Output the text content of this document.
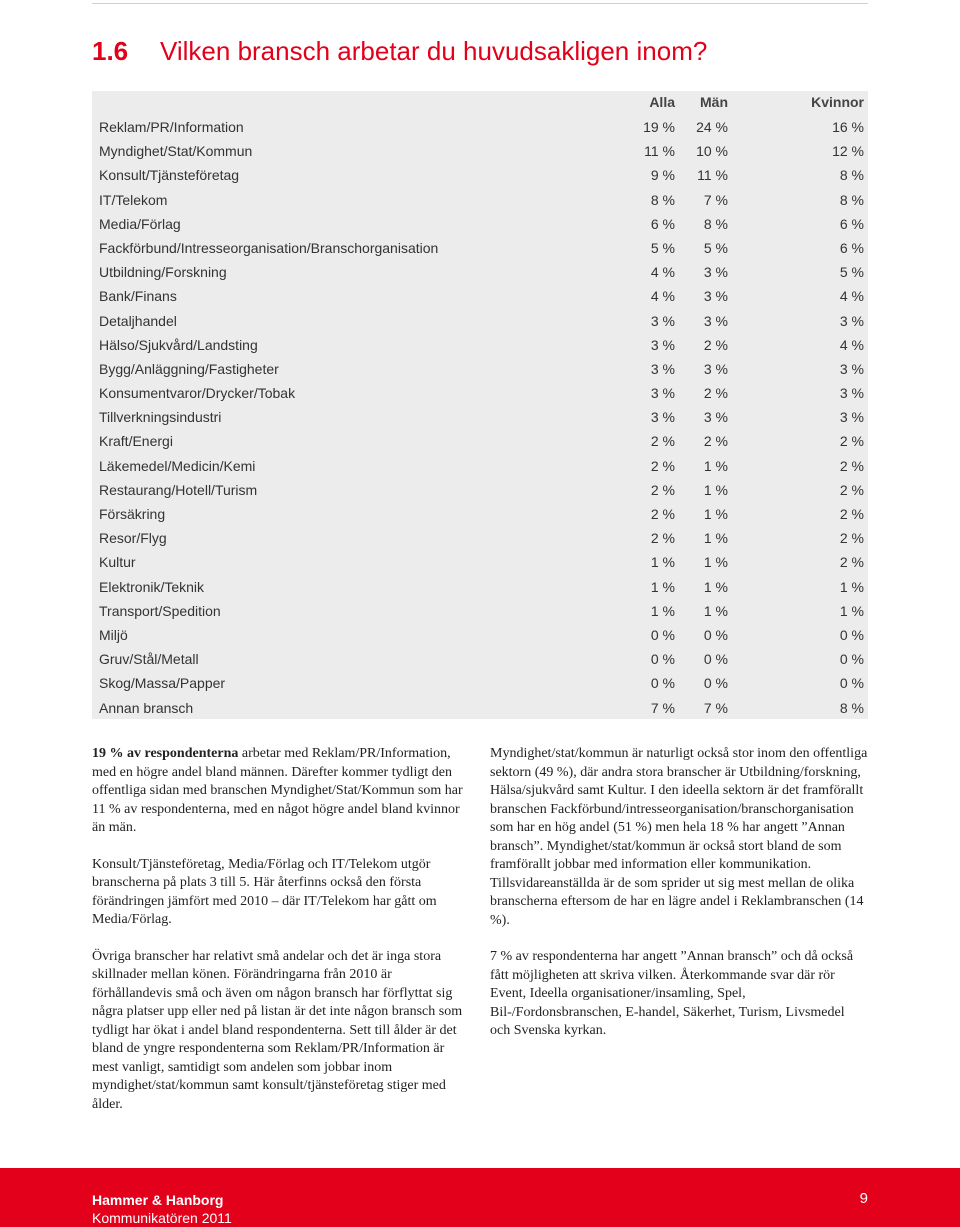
1.6 Vilken bransch arbetar du huvudsakligen inom?
Alla Män	Kvinnor
Reklam/PR/Information	19 % 24 %	16 %
Myndighet/Stat/Kommun	11 % 10 %	12 %
Konsult/Tjänsteföretag	9 % 11 %	8 %
IT/Telekom	8 % 7 %	8 %
Media/Förlag	6 % 8 %	6 %
Fackförbund/Intresseorganisation/Branschorganisation	5 % 5 %	6 %
Utbildning/Forskning	4 % 3 %	5 %
Bank/Finans	4 % 3 %	4 %
Detaljhandel	3 % 3 %	3 %
Hälso/Sjukvård/Landsting	3 % 2 %	4 %
Bygg/Anläggning/Fastigheter	3 % 3 %	3 %
Konsumentvaror/Drycker/Tobak	3 % 2 %	3 %
Tillverkningsindustri	3 % 3 %	3 %
Kraft/Energi	2 % 2 %	2 %
Läkemedel/Medicin/Kemi	2 % 1 %	2 %
Restaurang/Hotell/Turism	2 % 1 %	2 %
Försäkring	2 % 1 %	2 %
Resor/Flyg	2 % 1 %	2 %
Kultur	1 % 1 %	2 %
Elektronik/Teknik	1 % 1 %	1 %
Transport/Spedition	1 % 1 %	1 %
Miljö	0 % 0 %	0 %
Gruv/Stål/Metall	0 % 0 %	0 %
Skog/Massa/Papper	0 % 0 %	0 %
Annan bransch	7 % 7 %	8 %

19 % av respondenterna arbetar med Reklam/PR/Information, med en högre andel bland männen. Därefter kommer tydligt den offentliga sidan med branschen Myndighet/Stat/Kommun som har 11 % av respondenterna, med en något högre andel bland kvinnor än män.

Konsult/Tjänsteföretag, Media/Förlag och IT/Telekom utgör branscherna på plats 3 till 5. Här återfinns också den första förändringen jämfört med 2010 – där IT/Telekom har gått om Media/Förlag.

Övriga branscher har relativt små andelar och det är inga stora skillnader mellan könen. Förändringarna från 2010 är förhållandevis små och även om någon bransch har förflyttat sig några platser upp eller ned på listan är det inte någon bransch som tydligt har ökat i andel bland respondenterna. Sett till ålder är det bland de yngre respondenterna som Reklam/PR/Information är mest vanligt, samtidigt som andelen som jobbar inom myndighet/stat/kommun samt konsult/tjänsteföretag stiger med ålder.

Myndighet/stat/kommun är naturligt också stor inom den offentliga sektorn (49 %), där andra stora branscher är Utbildning/forskning, Hälsa/sjukvård samt Kultur. I den ideella sektorn är det framförallt branschen Fackförbund/intresseorganisation/branschorganisation som har en hög andel (51 %) men hela 18 % har angett ”Annan bransch”. Myndighet/stat/kommun är också stort bland de som framförallt jobbar med information eller kommunikation. Tillsvidareanställda är de som sprider ut sig mest mellan de olika branscherna eftersom de har en lägre andel i Reklambranschen (14 %).

7 % av respondenterna har angett ”Annan bransch” och då också fått möjligheten att skriva vilken. Återkommande svar där rör Event, Ideella organisationer/insamling, Spel, Bil-/Fordonsbranschen, E-handel, Säkerhet, Turism, Livsmedel och Svenska kyrkan.

Hammer & Hanborg
Kommunikatören 2011
9
